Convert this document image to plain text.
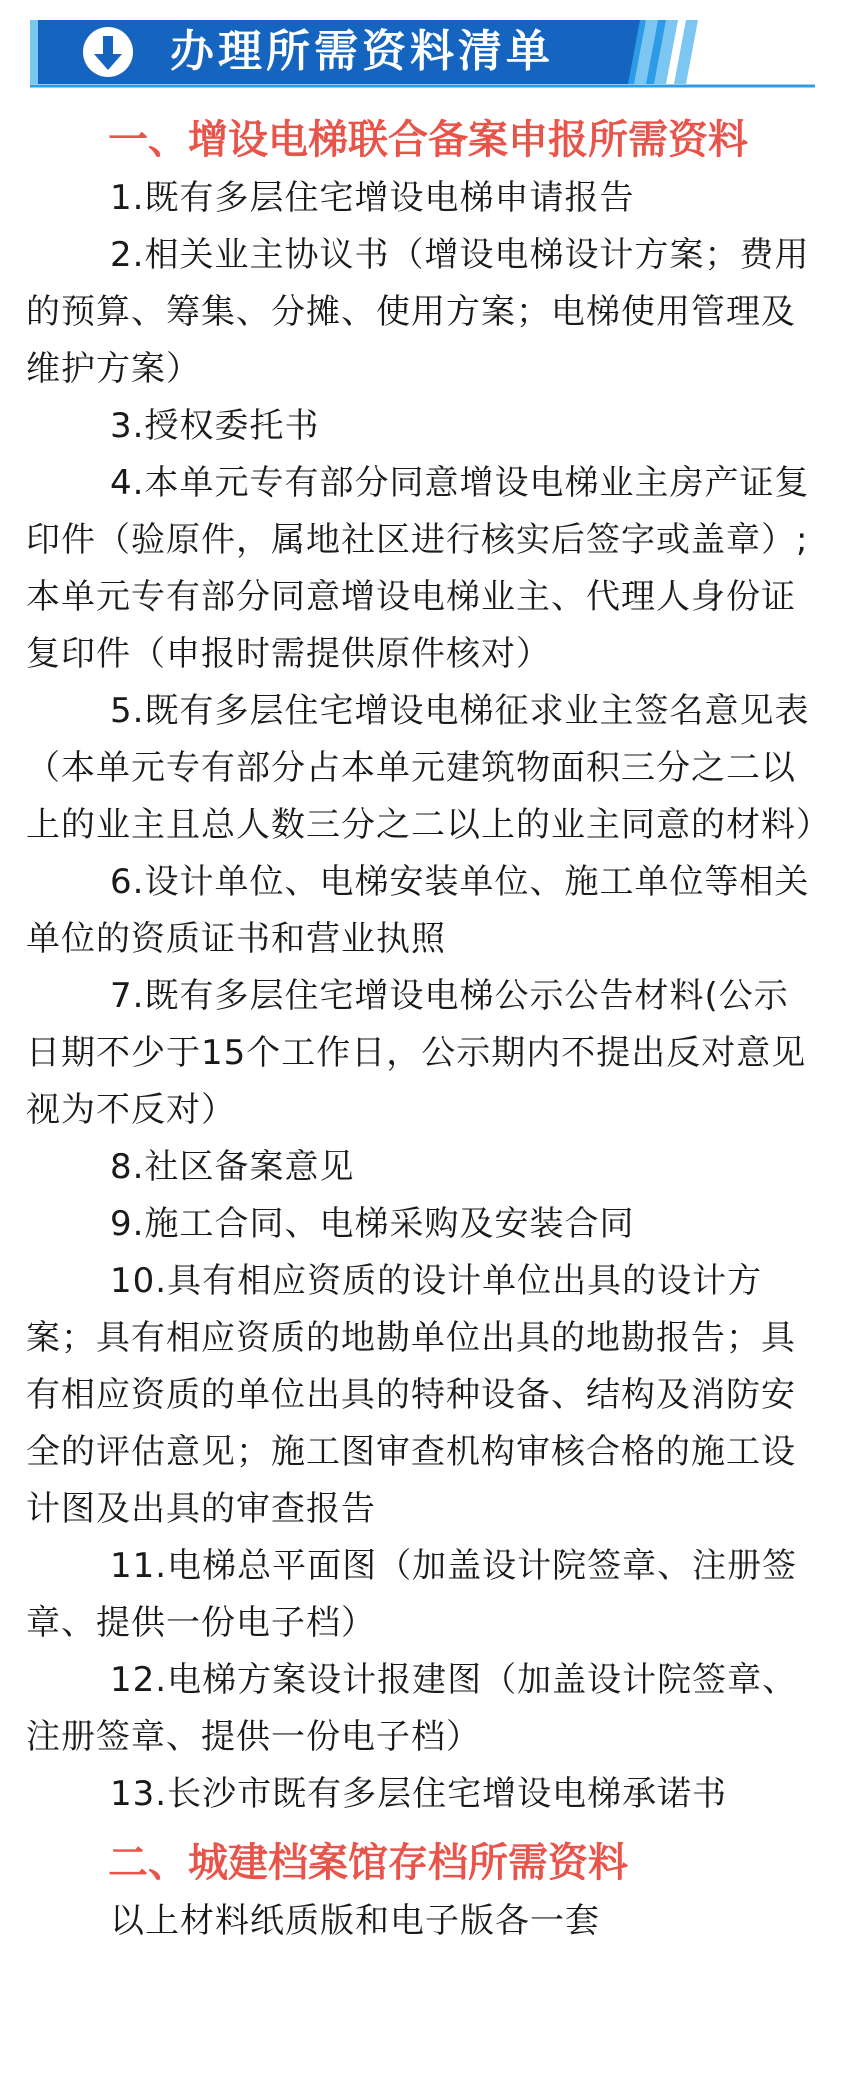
办理所需资料清单
一、增设电梯联合备案申报所需资料

1.既有多层住宅增设电梯申请报告

2.相关业主协议书（增设电梯设计方案；费用的预算、筹集、分摊、使用方案；电梯使用管理及维护方案）

3.授权委托书

4.本单元专有部分同意增设电梯业主房产证复印件（验原件，属地社区进行核实后签字或盖章）;本单元专有部分同意增设电梯业主、代理人身份证复印件（申报时需提供原件核对）

5.既有多层住宅增设电梯征求业主签名意见表（本单元专有部分占本单元建筑物面积三分之二以上的业主且总人数三分之二以上的业主同意的材料）

6.设计单位、电梯安装单位、施工单位等相关单位的资质证书和营业执照

7.既有多层住宅增设电梯公示公告材料(公示日期不少于15个工作日，公示期内不提出反对意见视为不反对）

8.社区备案意见

9.施工合同、电梯采购及安装合同

10.具有相应资质的设计单位出具的设计方案；具有相应资质的地勘单位出具的地勘报告；具有相应资质的单位出具的特种设备、结构及消防安全的评估意见；施工图审查机构审核合格的施工设计图及出具的审查报告

11.电梯总平面图（加盖设计院签章、注册签章、提供一份电子档）

12.电梯方案设计报建图（加盖设计院签章、注册签章、提供一份电子档）

13.长沙市既有多层住宅增设电梯承诺书

二、城建档案馆存档所需资料

以上材料纸质版和电子版各一套
